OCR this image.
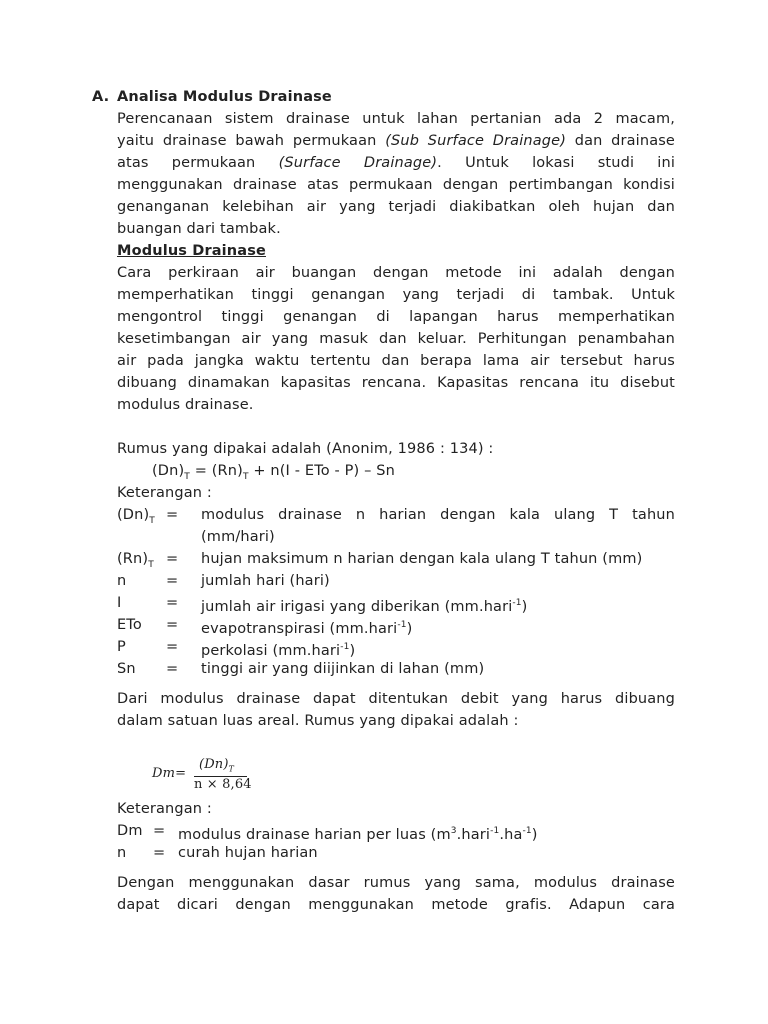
A. Analisa Modulus Drainase
Perencanaan sistem drainase untuk lahan pertanian ada 2 macam,
yaitu drainase bawah permukaan (Sub Surface Drainage) dan drainase
atas permukaan (Surface Drainage). Untuk lokasi studi ini
menggunakan drainase atas permukaan dengan pertimbangan kondisi
genanganan kelebihan air yang terjadi diakibatkan oleh hujan dan
buangan dari tambak.
Modulus Drainase
Cara perkiraan air buangan dengan metode ini adalah dengan
memperhatikan tinggi genangan yang terjadi di tambak. Untuk
mengontrol tinggi genangan di lapangan harus memperhatikan
kesetimbangan air yang masuk dan keluar. Perhitungan penambahan
air pada jangka waktu tertentu dan berapa lama air tersebut harus
dibuang dinamakan kapasitas rencana. Kapasitas rencana itu disebut
modulus drainase.
Rumus yang dipakai adalah (Anonim, 1986 : 134) :
$(Dn)_T = (Rn)_T + n(I$ - ETo - P) – Sn
Keterangan :
$(Dn)_T$ = modulus drainase n harian dengan kala ulang T tahun
(mm/hari)
$(Rn)_T$ = hujan maksimum n harian dengan kala ulang T tahun (mm)
n	= jumlah hari (hari)
I	= jumlah air irigasi yang diberikan (mm.hari$^{-1}$)
ETo = evapotranspirasi (mm.hari$^{-1}$)
P	= perkolasi (mm.hari$^{-1}$)
Sn = tinggi air yang diijinkan di lahan (mm)
Dari modulus drainase dapat ditentukan debit yang harus dibuang
dalam satuan luas areal. Rumus yang dipakai adalah :
Dm=
$(Dn)_T$
n × 8,64
Keterangan :
Dm = modulus drainase harian per luas $(m^3.hari^{-1}.ha^{-1})$
n = curah hujan harian
Dengan menggunakan dasar rumus yang sama, modulus drainase
dapat dicari dengan menggunakan metode grafis. Adapun cara
